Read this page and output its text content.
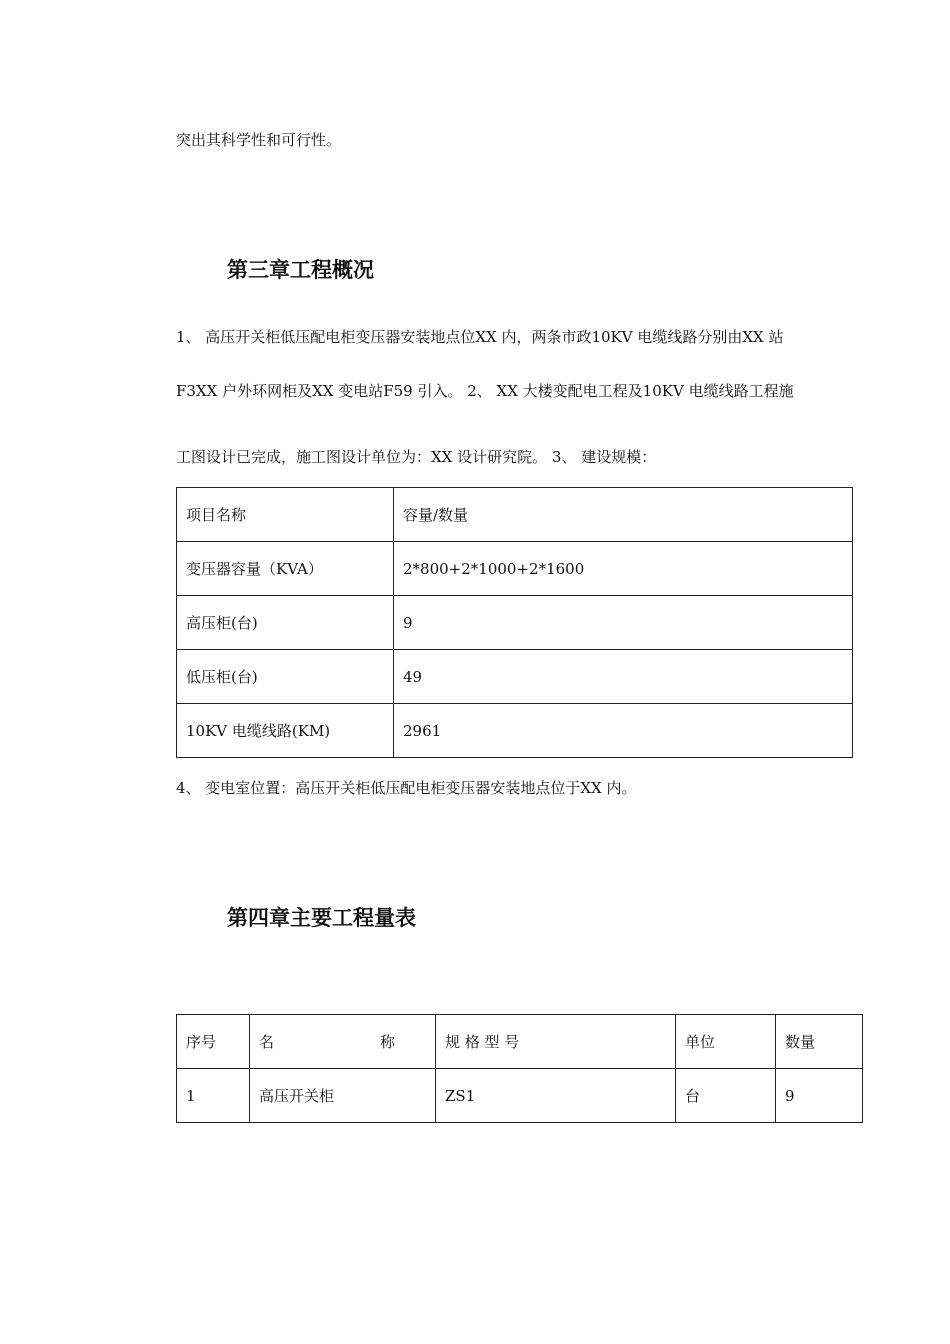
突出其科学性和可行性。
第三章工程概况
1、 高压开关柜低压配电柜变压器安装地点位XX 内，两条市政10KV 电缆线路分别由XX 站
F3XX 户外环网柜及XX 变电站F59 引入。 2、 XX 大楼变配电工程及10KV 电缆线路工程施
工图设计已完成，施工图设计单位为：XX 设计研究院。 3、 建设规模：
项目名称	容量/数量
变压器容量（KVA）	2*800+2*1000+2*1600
高压柜(台)	9
低压柜(台)	49
10KV 电缆线路(KM)	2961
4、 变电室位置：高压开关柜低压配电柜变压器安装地点位于XX 内。
第四章主要工程量表
序号	名 称	规 格 型 号	单位	数量
1	高压开关柜	ZS1	台	9
